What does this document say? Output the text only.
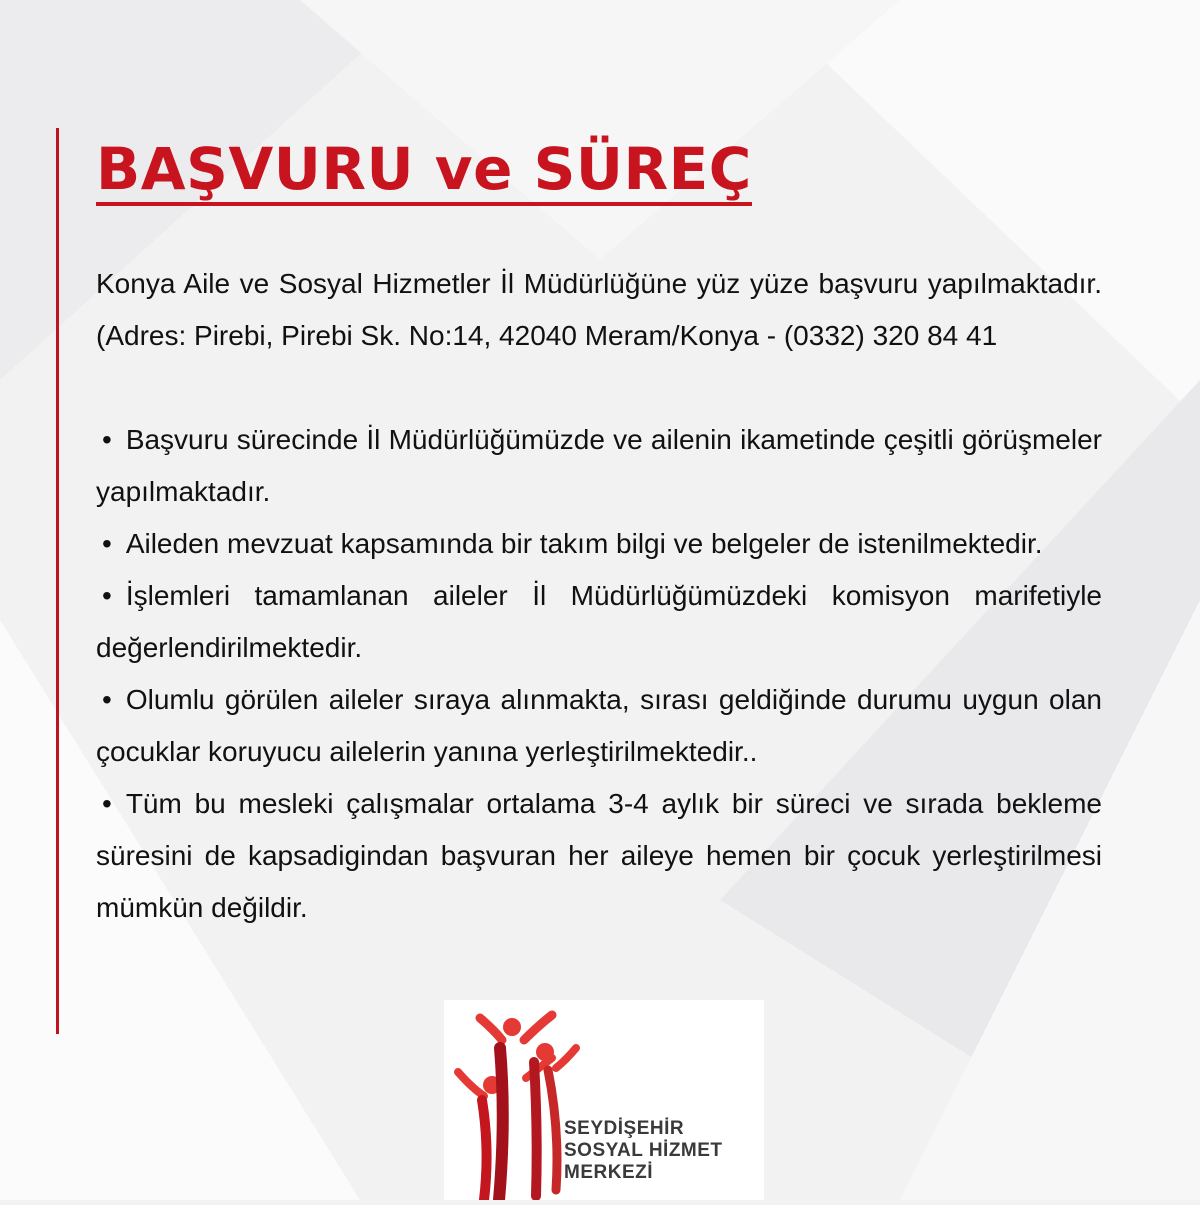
BAŞVURU ve SÜREÇ

Konya Aile ve Sosyal Hizmetler İl Müdürlüğüne yüz yüze başvuru yapılmaktadır. (Adres: Pirebi, Pirebi Sk. No:14, 42040 Meram/Konya - (0332) 320 84 41

• Başvuru sürecinde İl Müdürlüğümüzde ve ailenin ikametinde çeşitli görüşmeler yapılmaktadır.
• Aileden mevzuat kapsamında bir takım bilgi ve belgeler de istenilmektedir.
• İşlemleri tamamlanan aileler İl Müdürlüğümüzdeki komisyon marifetiyle değerlendirilmektedir.
• Olumlu görülen aileler sıraya alınmakta, sırası geldiğinde durumu uygun olan çocuklar koruyucu ailelerin yanına yerleştirilmektedir..
• Tüm bu mesleki çalışmalar ortalama 3-4 aylık bir süreci ve sırada bekleme süresini de kapsadigindan başvuran her aileye hemen bir çocuk yerleştirilmesi mümkün değildir.
SEYDİŞEHİR
SOSYAL HİZMET
MERKEZİ
